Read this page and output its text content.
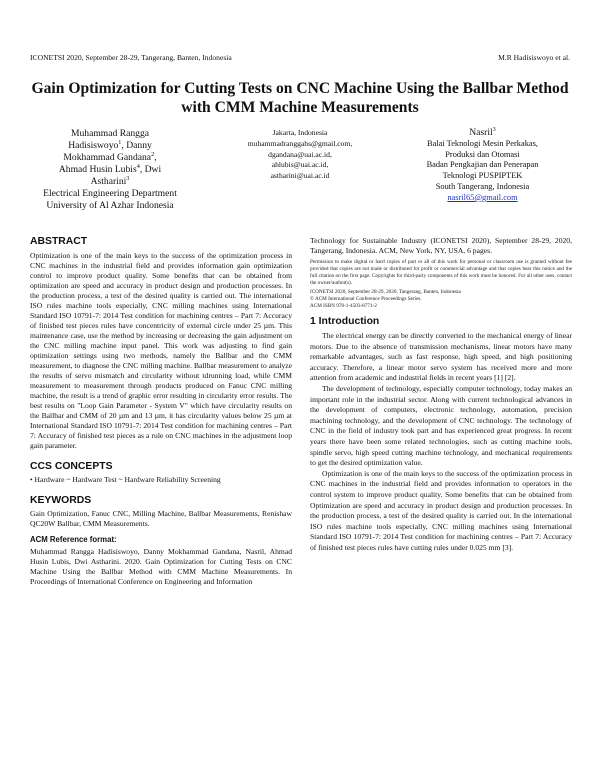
ICONETSI 2020, September 28-29, Tangerang, Banten, Indonesia	M.R Hadisiswoyo et al.
Gain Optimization for Cutting Tests on CNC Machine Using the Ballbar Method with CMM Machine Measurements
Muhammad Rangga
Hadisiswoyo$^1$, Danny
Mokhammad Gandana$^2$,
Ahmad Husin Lubis$^4$, Dwi
Astharini$^3$
Electrical Engineering Department
University of Al Azhar Indonesia
Jakarta, Indonesia
muhammadranggahs@gmail.com,
dgandana@uai.ac.id,
ahlubis@uai.ac.id,
astharini@uai.ac.id
Nasril$^3$
Balai Teknologi Mesin Perkakas,
Produksi dan Otomasi
Badan Pengkajian dan Penerapan
Teknologi PUSPIPTEK
South Tangerang, Indonesia
nasril65@gmail.com
ABSTRACT

Optimization is one of the main keys to the success of the optimization process in CNC machines in the industrial field and provides information gain optimization control to improve product quality. Some benefits that can be obtained from optimization are speed and accuracy in product design and production processes. In the production process, a test of the desired quality is carried out. The international ISO rules machine tools especially, CNC milling machines using International Standard ISO 10791-7: 2014 Test condition for machining centres – Part 7: Accuracy of finished test pieces rules have concentricity of external circle under 25 µm. This maintenance case, use the method by increasing or decreasing the gain adjustment on the CNC milling machine input panel. This work was adjusting to find gain optimization settings using two methods, namely the Ballbar and the CMM measurement, to diagnose the CNC milling machine. Ballbar measurement to analyze the results of servo mismatch and circularity without tdrunning load, while CMM measurement to measurement through products produced on Fanuc CNC milling machine, the result is a trend of graphic error resulting in circularity error results. The best results on "Loop Gain Parameter - System V" which have circularity results on the Ballbar and CMM of 20 µm and 13 µm, it has circularity values below 25 µm at International Standard ISO 10791-7: 2014 Test condition for machining centres – Part 7: Accuracy of finished test pieces as a rule on CNC machines in the adjustment loop gain parameter.

CCS CONCEPTS

• Hardware ~ Hardware Test ~ Hardware Reliability Screening

KEYWORDS

Gain Optimization, Fanuc CNC, Milling Machine, Ballbar Measurements, Renishaw QC20W Ballbar, CMM Measurements.

ACM Reference format:

Muhammad Rangga Hadisiswoyo, Danny Mokhammad Gandana, Nasril, Ahmad Husin Lubis, Dwi Astharini. 2020. Gain Optimization for Cutting Tests on CNC Machine Using the Ballbar Method with CMM Machine Measurements. In Proceedings of International Conference on Engineering and Information

Technology for Sustainable Industry (ICONETSI 2020), September 28-29, 2020, Tangerang, Indonesia. ACM, New York, NY, USA, 6 pages.

Permission to make digital or hard copies of part or all of this work for personal or classroom use is granted without fee provided that copies are not made or distributed for profit or commercial advantage and that copies bear this notice and the full citation on the first page. Copyrights for third-party components of this work must be honored. For all other uses, contact the owner/author(s).

ICONETSI 2020, September 28-29, 2020, Tangerang, Banten, Indonesia

© ACM International Conference Proceedings Series.

ACM ISBN 978-1-4503-8771-2

1 Introduction

The electrical energy can be directly converted to the mechanical energy of linear motors. Due to the absence of transmission mechanisms, linear motors have many remarkable advantages, such as fast response, high speed, and high positioning accuracy. Therefore, a linear motor servo system has received more and more attention from academic and industrial fields in recent years [1] [2].

The development of technology, especially computer technology, today makes an important role in the industrial sector. Along with current technological advances in the development of computers, electronic technology, automation, precision machining technology, and the development of CNC technology. The technology of CNC in the field of industry took part and has experienced great progress. In recent years there have been some related technologies, such as cutting machine tools, spindle servo, high speed cutting machine technology, and mechanical requirements to get the desired optimization value.

Optimization is one of the main keys to the success of the optimization process in CNC machines in the industrial field and provides information to operators in the control system to improve product quality. Some benefits that can be obtained from Optimization are speed and accuracy in product design and production processes. In the production process, a test of the desired quality is carried out. In the international ISO rules machine tools especially, CNC milling machines using International Standard ISO 10791-7: 2014 Test condition for machining centres – Part 7: Accuracy of finished test pieces rules have cutting rules under 0.025 mm [3].
